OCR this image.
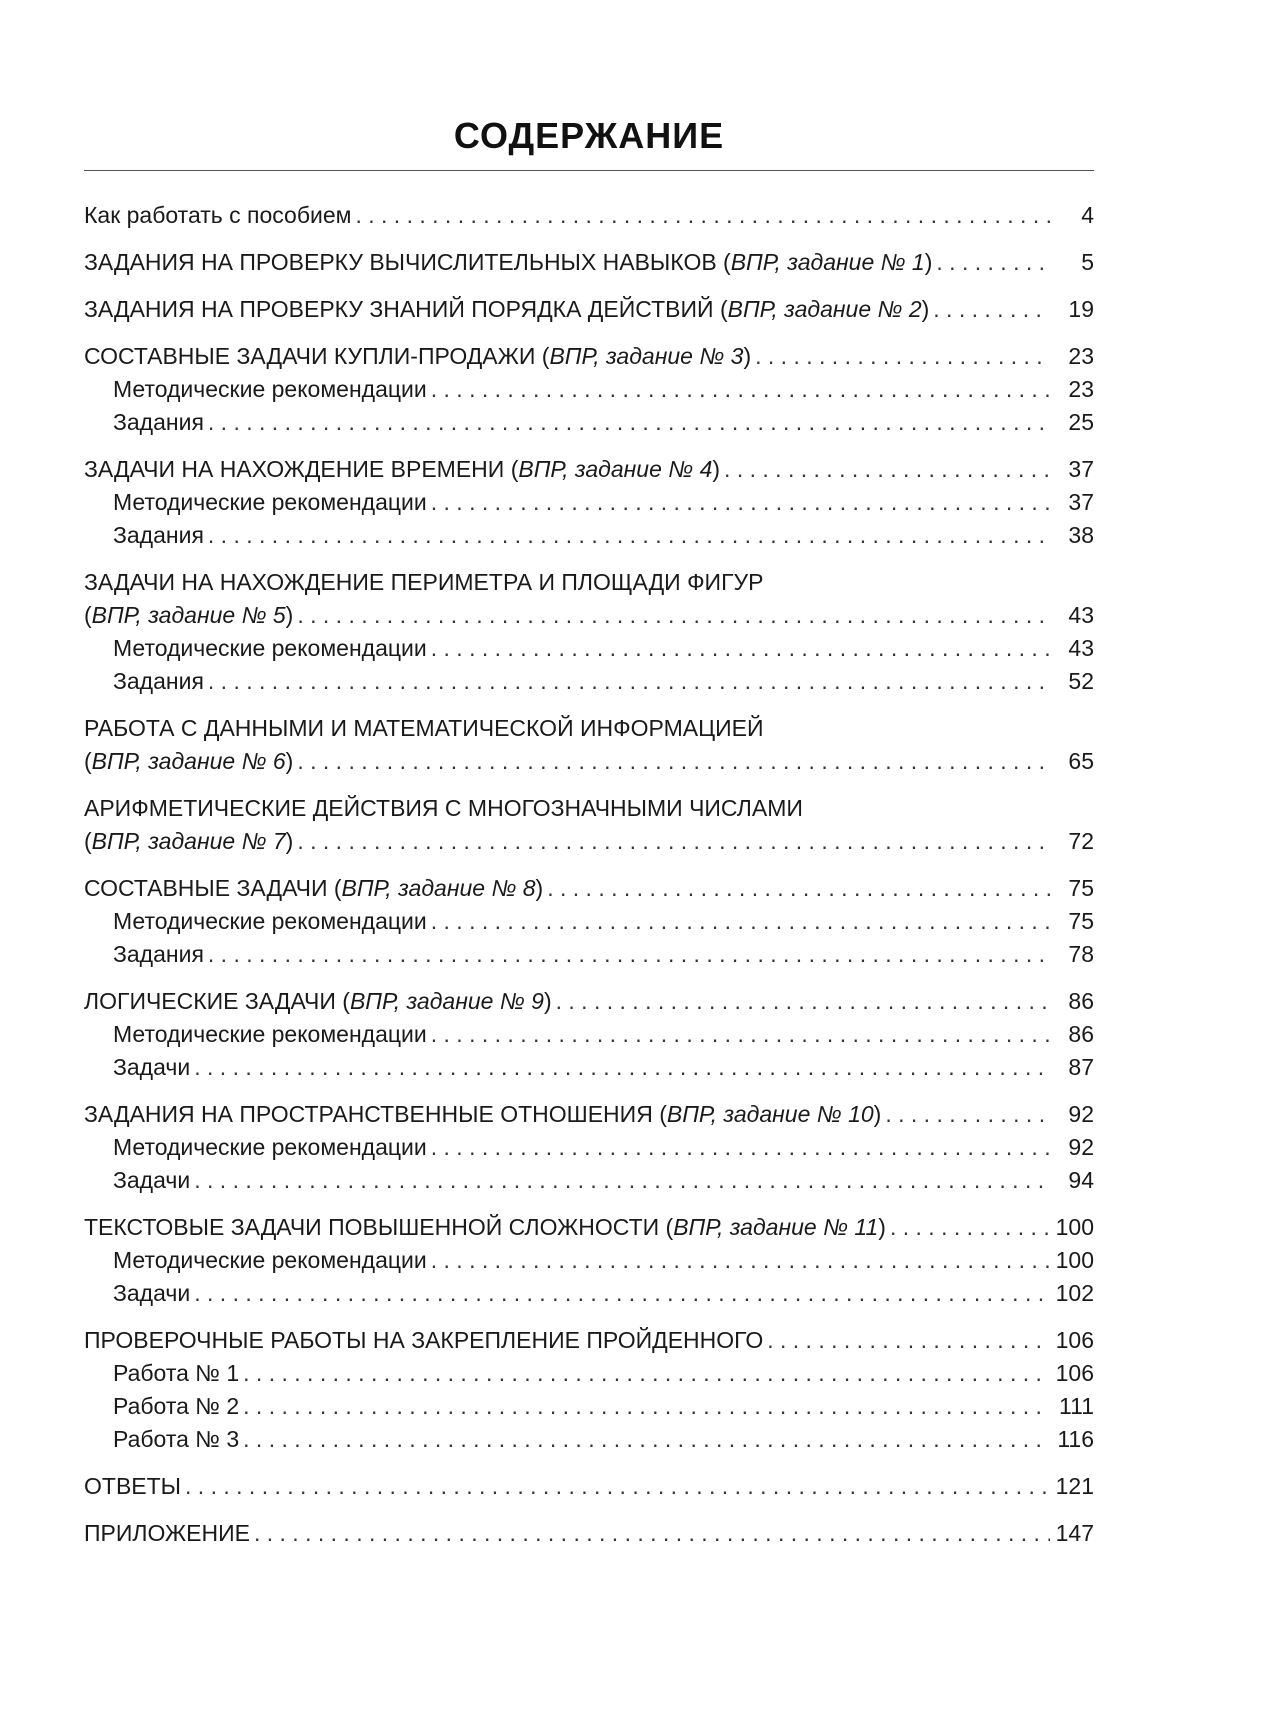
СОДЕРЖАНИЕ
Как работать с пособием . . .	4
ЗАДАНИЯ НА ПРОВЕРКУ ВЫЧИСЛИТЕЛЬНЫХ НАВЫКОВ (ВПР, задание № 1) . . .	5
ЗАДАНИЯ НА ПРОВЕРКУ ЗНАНИЙ ПОРЯДКА ДЕЙСТВИЙ (ВПР, задание № 2) . . .	19
СОСТАВНЫЕ ЗАДАЧИ КУПЛИ-ПРОДАЖИ (ВПР, задание № 3) . . .	23
Методические рекомендации . . .	23
Задания . . .	25
ЗАДАЧИ НА НАХОЖДЕНИЕ ВРЕМЕНИ (ВПР, задание № 4) . . .	37
Методические рекомендации . . .	37
Задания . . .	38
ЗАДАЧИ НА НАХОЖДЕНИЕ ПЕРИМЕТРА И ПЛОЩАДИ ФИГУР
(ВПР, задание № 5) . . .	43
Методические рекомендации . . .	43
Задания . . .	52
РАБОТА С ДАННЫМИ И МАТЕМАТИЧЕСКОЙ ИНФОРМАЦИЕЙ
(ВПР, задание № 6) . . .	65
АРИФМЕТИЧЕСКИЕ ДЕЙСТВИЯ С МНОГОЗНАЧНЫМИ ЧИСЛАМИ
(ВПР, задание № 7) . . .	72
СОСТАВНЫЕ ЗАДАЧИ (ВПР, задание № 8) . . .	75
Методические рекомендации . . .	75
Задания . . .	78
ЛОГИЧЕСКИЕ ЗАДАЧИ (ВПР, задание № 9) . . .	86
Методические рекомендации . . .	86
Задачи . . .	87
ЗАДАНИЯ НА ПРОСТРАНСТВЕННЫЕ ОТНОШЕНИЯ (ВПР, задание № 10) . . .	92
Методические рекомендации . . .	92
Задачи . . .	94
ТЕКСТОВЫЕ ЗАДАЧИ ПОВЫШЕННОЙ СЛОЖНОСТИ (ВПР, задание № 11) . . .	100
Методические рекомендации . . .	100
Задачи . . .	102
ПРОВЕРОЧНЫЕ РАБОТЫ НА ЗАКРЕПЛЕНИЕ ПРОЙДЕННОГО . . .	106
Работа № 1 . . .	106
Работа № 2 . . .	111
Работа № 3 . . .	116
ОТВЕТЫ . . .	121
ПРИЛОЖЕНИЕ . . .	147
